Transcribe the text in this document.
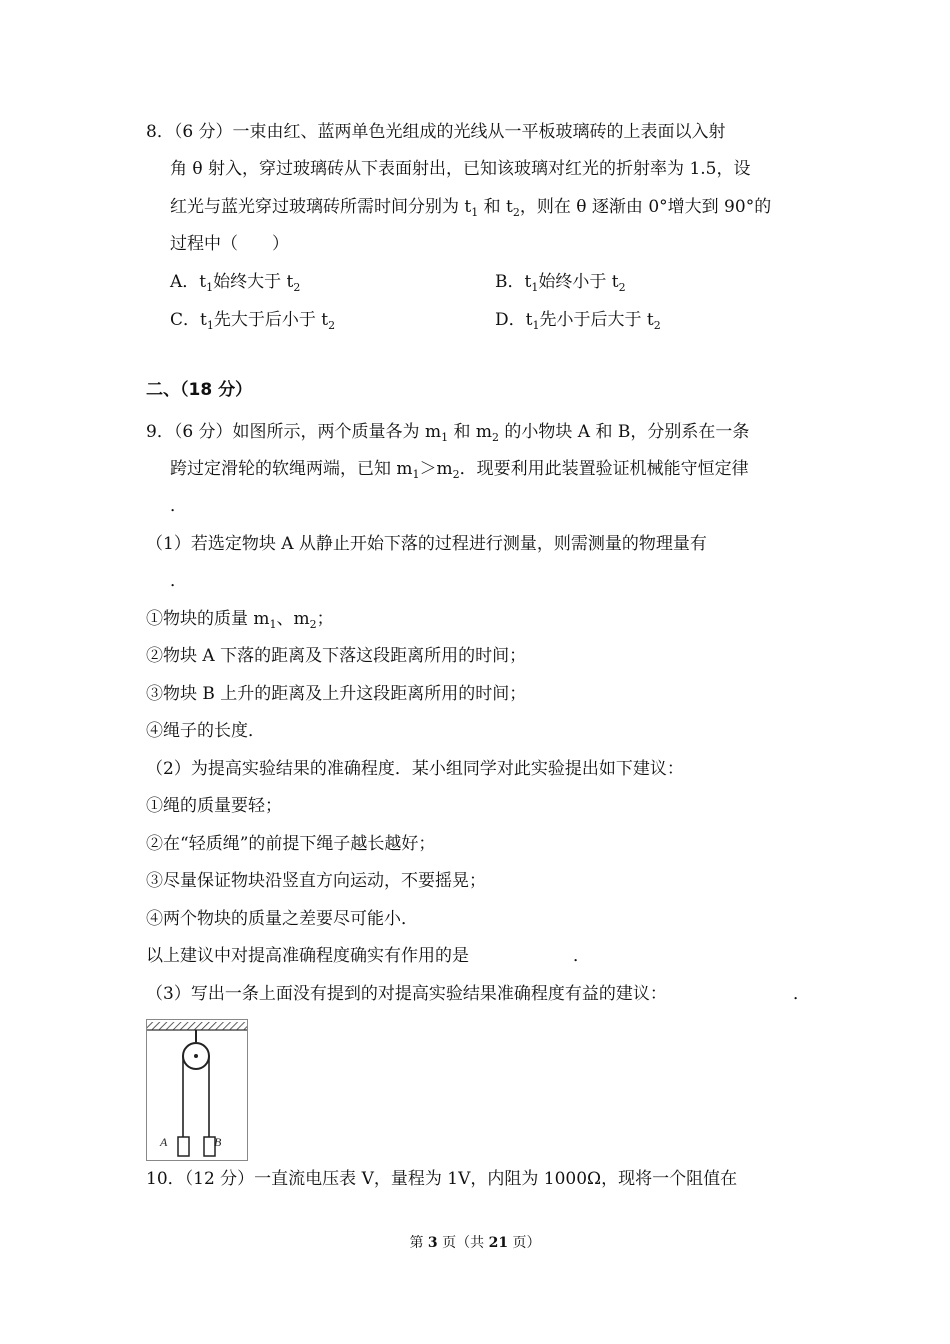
8．（6 分）一束由红、蓝两单色光组成的光线从一平板玻璃砖的上表面以入射
角 θ 射入，穿过玻璃砖从下表面射出，已知该玻璃对红光的折射率为 1.5，设
红光与蓝光穿过玻璃砖所需时间分别为 $t_1$ 和 $t_2$，则在 θ 逐渐由 0°增大到 90°的
过程中（　　）
A．$t_1$始终大于 $t_2$	B．$t_1$始终小于 $t_2$
C．$t_1$先大于后小于 $t_2$	D．$t_1$先小于后大于 $t_2$
二、（18 分）
9．（6 分）如图所示，两个质量各为 $m_1$ 和 $m_2$ 的小物块 A 和 B，分别系在一条
跨过定滑轮的软绳两端，已知 $m_1>m_2$．现要利用此装置验证机械能守恒定律
．
（1）若选定物块 A 从静止开始下落的过程进行测量，则需测量的物理量有
．
①物块的质量 $m_1$、$m_2$；
②物块 A 下落的距离及下落这段距离所用的时间；
③物块 B 上升的距离及上升这段距离所用的时间；
④绳子的长度．
（2）为提高实验结果的准确程度．某小组同学对此实验提出如下建议：
①绳的质量要轻；
②在“轻质绳”的前提下绳子越长越好；
③尽量保证物块沿竖直方向运动，不要摇晃；
④两个物块的质量之差要尽可能小．
以上建议中对提高准确程度确实有作用的是	．
（3）写出一条上面没有提到的对提高实验结果准确程度有益的建议：	．
A	B
10．（12 分）一直流电压表 V，量程为 1V，内阻为 1000Ω，现将一个阻值在
第 3 页（共 21 页）
